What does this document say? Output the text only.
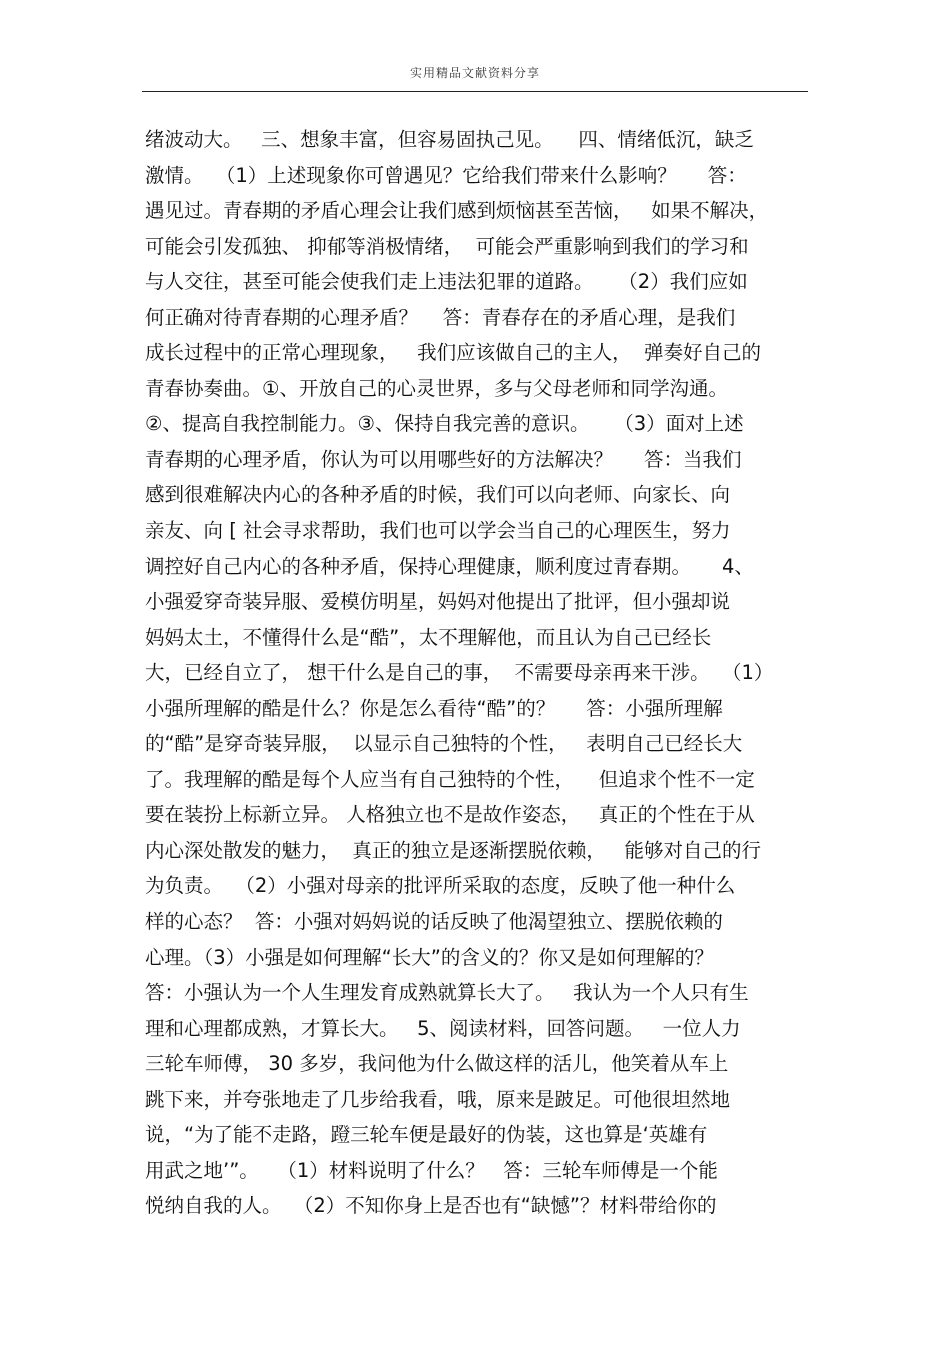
实用精品文献资料分享
绪波动大。   三、想象丰富，但容易固执己见。    四、情绪低沉，缺乏
激情。  （1）上述现象你可曾遇见？它给我们带来什么影响？     答：
遇见过。青春期的矛盾心理会让我们感到烦恼甚至苦恼，   如果不解决，
可能会引发孤独、 抑郁等消极情绪，  可能会严重影响到我们的学习和
与人交往，甚至可能会使我们走上违法犯罪的道路。    （2）我们应如
何正确对待青春期的心理矛盾？    答：青春存在的矛盾心理，是我们
成长过程中的正常心理现象，   我们应该做自己的主人，  弹奏好自己的
青春协奏曲。①、开放自己的心灵世界，多与父母老师和同学沟通。
②、提高自我控制能力。③、保持自我完善的意识。    （3）面对上述
青春期的心理矛盾，你认为可以用哪些好的方法解决？     答：当我们
感到很难解决内心的各种矛盾的时候，我们可以向老师、向家长、向
亲友、向 [ 社会寻求帮助，我们也可以学会当自己的心理医生，努力
调控好自己内心的各种矛盾，保持心理健康，顺利度过青春期。     4、
小强爱穿奇装异服、爱模仿明星，妈妈对他提出了批评，但小强却说
妈妈太土，不懂得什么是“酷”，太不理解他，而且认为自己已经长
大，已经自立了， 想干什么是自己的事，  不需要母亲再来干涉。  （1）
小强所理解的酷是什么？你是怎么看待“酷”的？     答：小强所理解
的“酷”是穿奇装异服，  以显示自己独特的个性，   表明自己已经长大
了。我理解的酷是每个人应当有自己独特的个性，    但追求个性不一定
要在装扮上标新立异。 人格独立也不是故作姿态，   真正的个性在于从
内心深处散发的魅力，  真正的独立是逐渐摆脱依赖，   能够对自己的行
为负责。  （2）小强对母亲的批评所采取的态度，反映了他一种什么
样的心态？  答：小强对妈妈说的话反映了他渴望独立、摆脱依赖的
心理。（3）小强是如何理解“长大”的含义的？你又是如何理解的？
答：小强认为一个人生理发育成熟就算长大了。   我认为一个人只有生
理和心理都成熟，才算长大。   5、阅读材料，回答问题。   一位人力
三轮车师傅， 30 多岁，我问他为什么做这样的活儿，他笑着从车上
跳下来，并夸张地走了几步给我看，哦，原来是跛足。可他很坦然地
说，“为了能不走路，蹬三轮车便是最好的伪装，这也算是‘英雄有
用武之地’”。   （1）材料说明了什么？   答：三轮车师傅是一个能
悦纳自我的人。  （2）不知你身上是否也有“缺憾”？材料带给你的
